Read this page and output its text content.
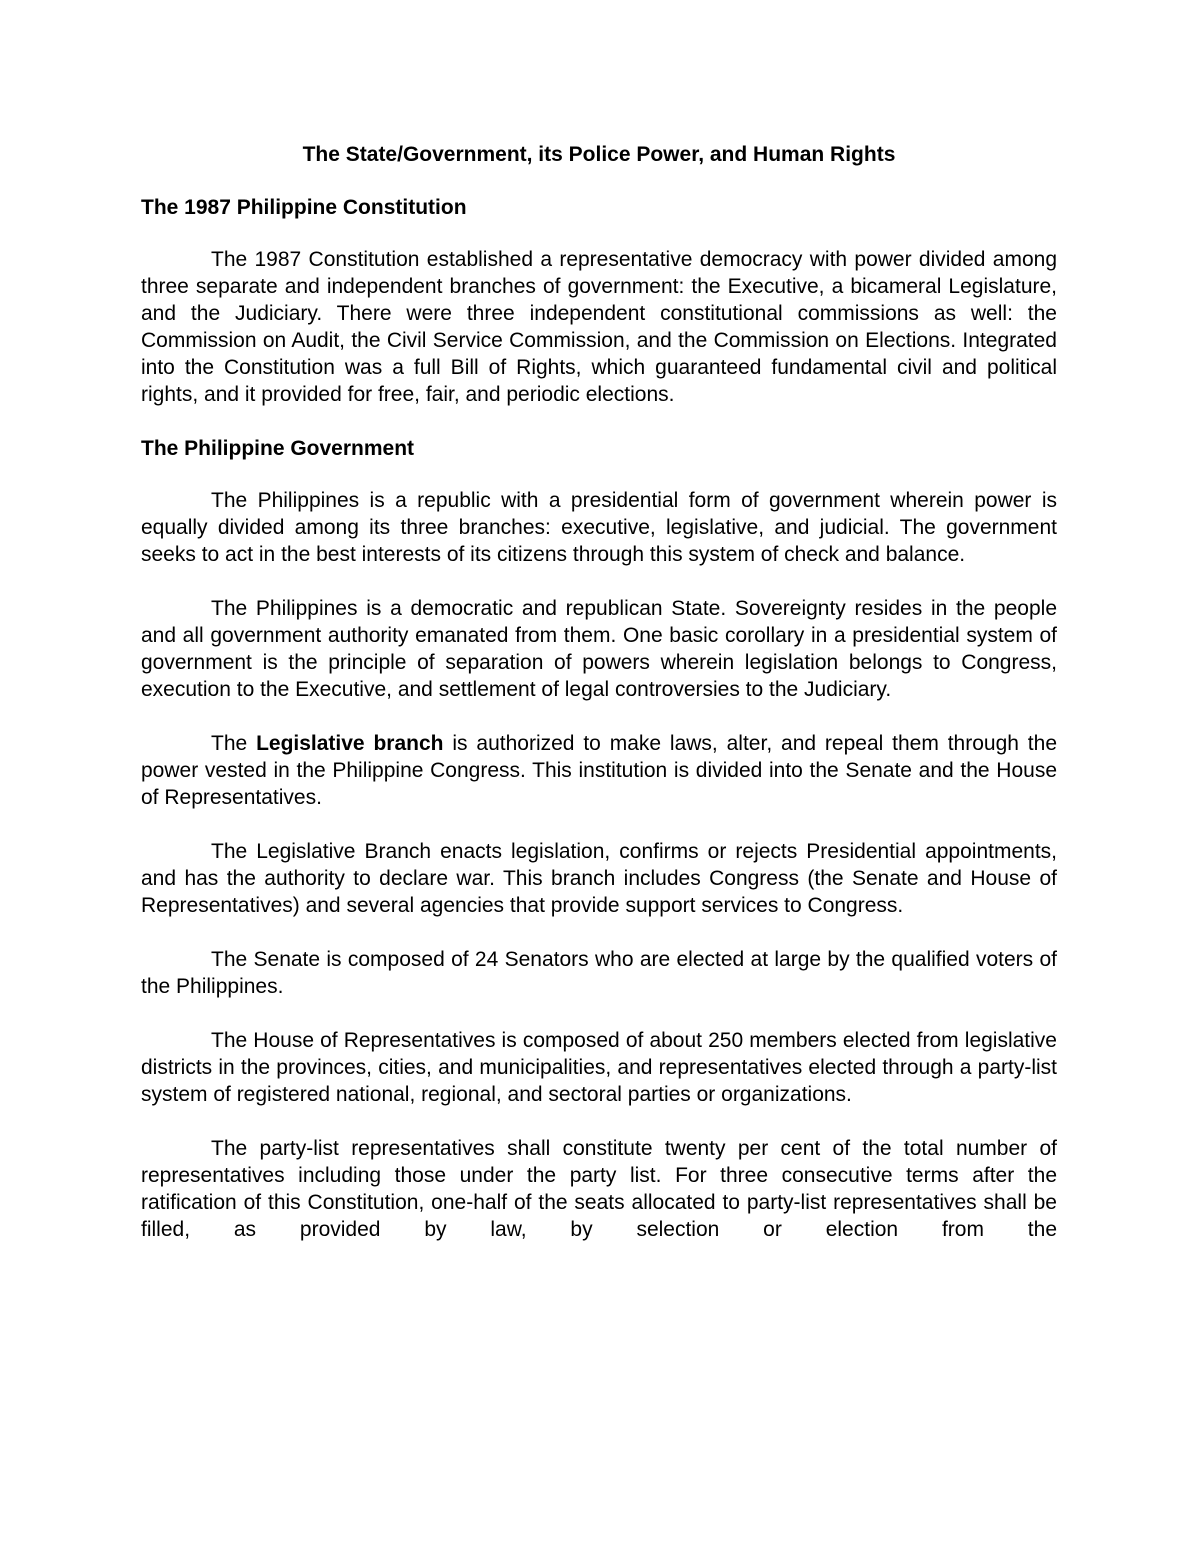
The State/Government, its Police Power, and Human Rights
The 1987 Philippine Constitution

The 1987 Constitution established a representative democracy with power divided among three separate and independent branches of government: the Executive, a bicameral Legislature, and the Judiciary. There were three independent constitutional commissions as well: the Commission on Audit, the Civil Service Commission, and the Commission on Elections. Integrated into the Constitution was a full Bill of Rights, which guaranteed fundamental civil and political rights, and it provided for free, fair, and periodic elections.

The Philippine Government

The Philippines is a republic with a presidential form of government wherein power is equally divided among its three branches: executive, legislative, and judicial. The government seeks to act in the best interests of its citizens through this system of check and balance.

The Philippines is a democratic and republican State. Sovereignty resides in the people and all government authority emanated from them. One basic corollary in a presidential system of government is the principle of separation of powers wherein legislation belongs to Congress, execution to the Executive, and settlement of legal controversies to the Judiciary.

The Legislative branch is authorized to make laws, alter, and repeal them through the power vested in the Philippine Congress. This institution is divided into the Senate and the House of Representatives.

The Legislative Branch enacts legislation, confirms or rejects Presidential appointments, and has the authority to declare war. This branch includes Congress (the Senate and House of Representatives) and several agencies that provide support services to Congress.

The Senate is composed of 24 Senators who are elected at large by the qualified voters of the Philippines.

The House of Representatives is composed of about 250 members elected from legislative districts in the provinces, cities, and municipalities, and representatives elected through a party-list system of registered national, regional, and sectoral parties or organizations.

The party-list representatives shall constitute twenty per cent of the total number of representatives including those under the party list. For three consecutive terms after the ratification of this Constitution, one-half of the seats allocated to party-list representatives shall be filled, as provided by law, by selection or election from the
